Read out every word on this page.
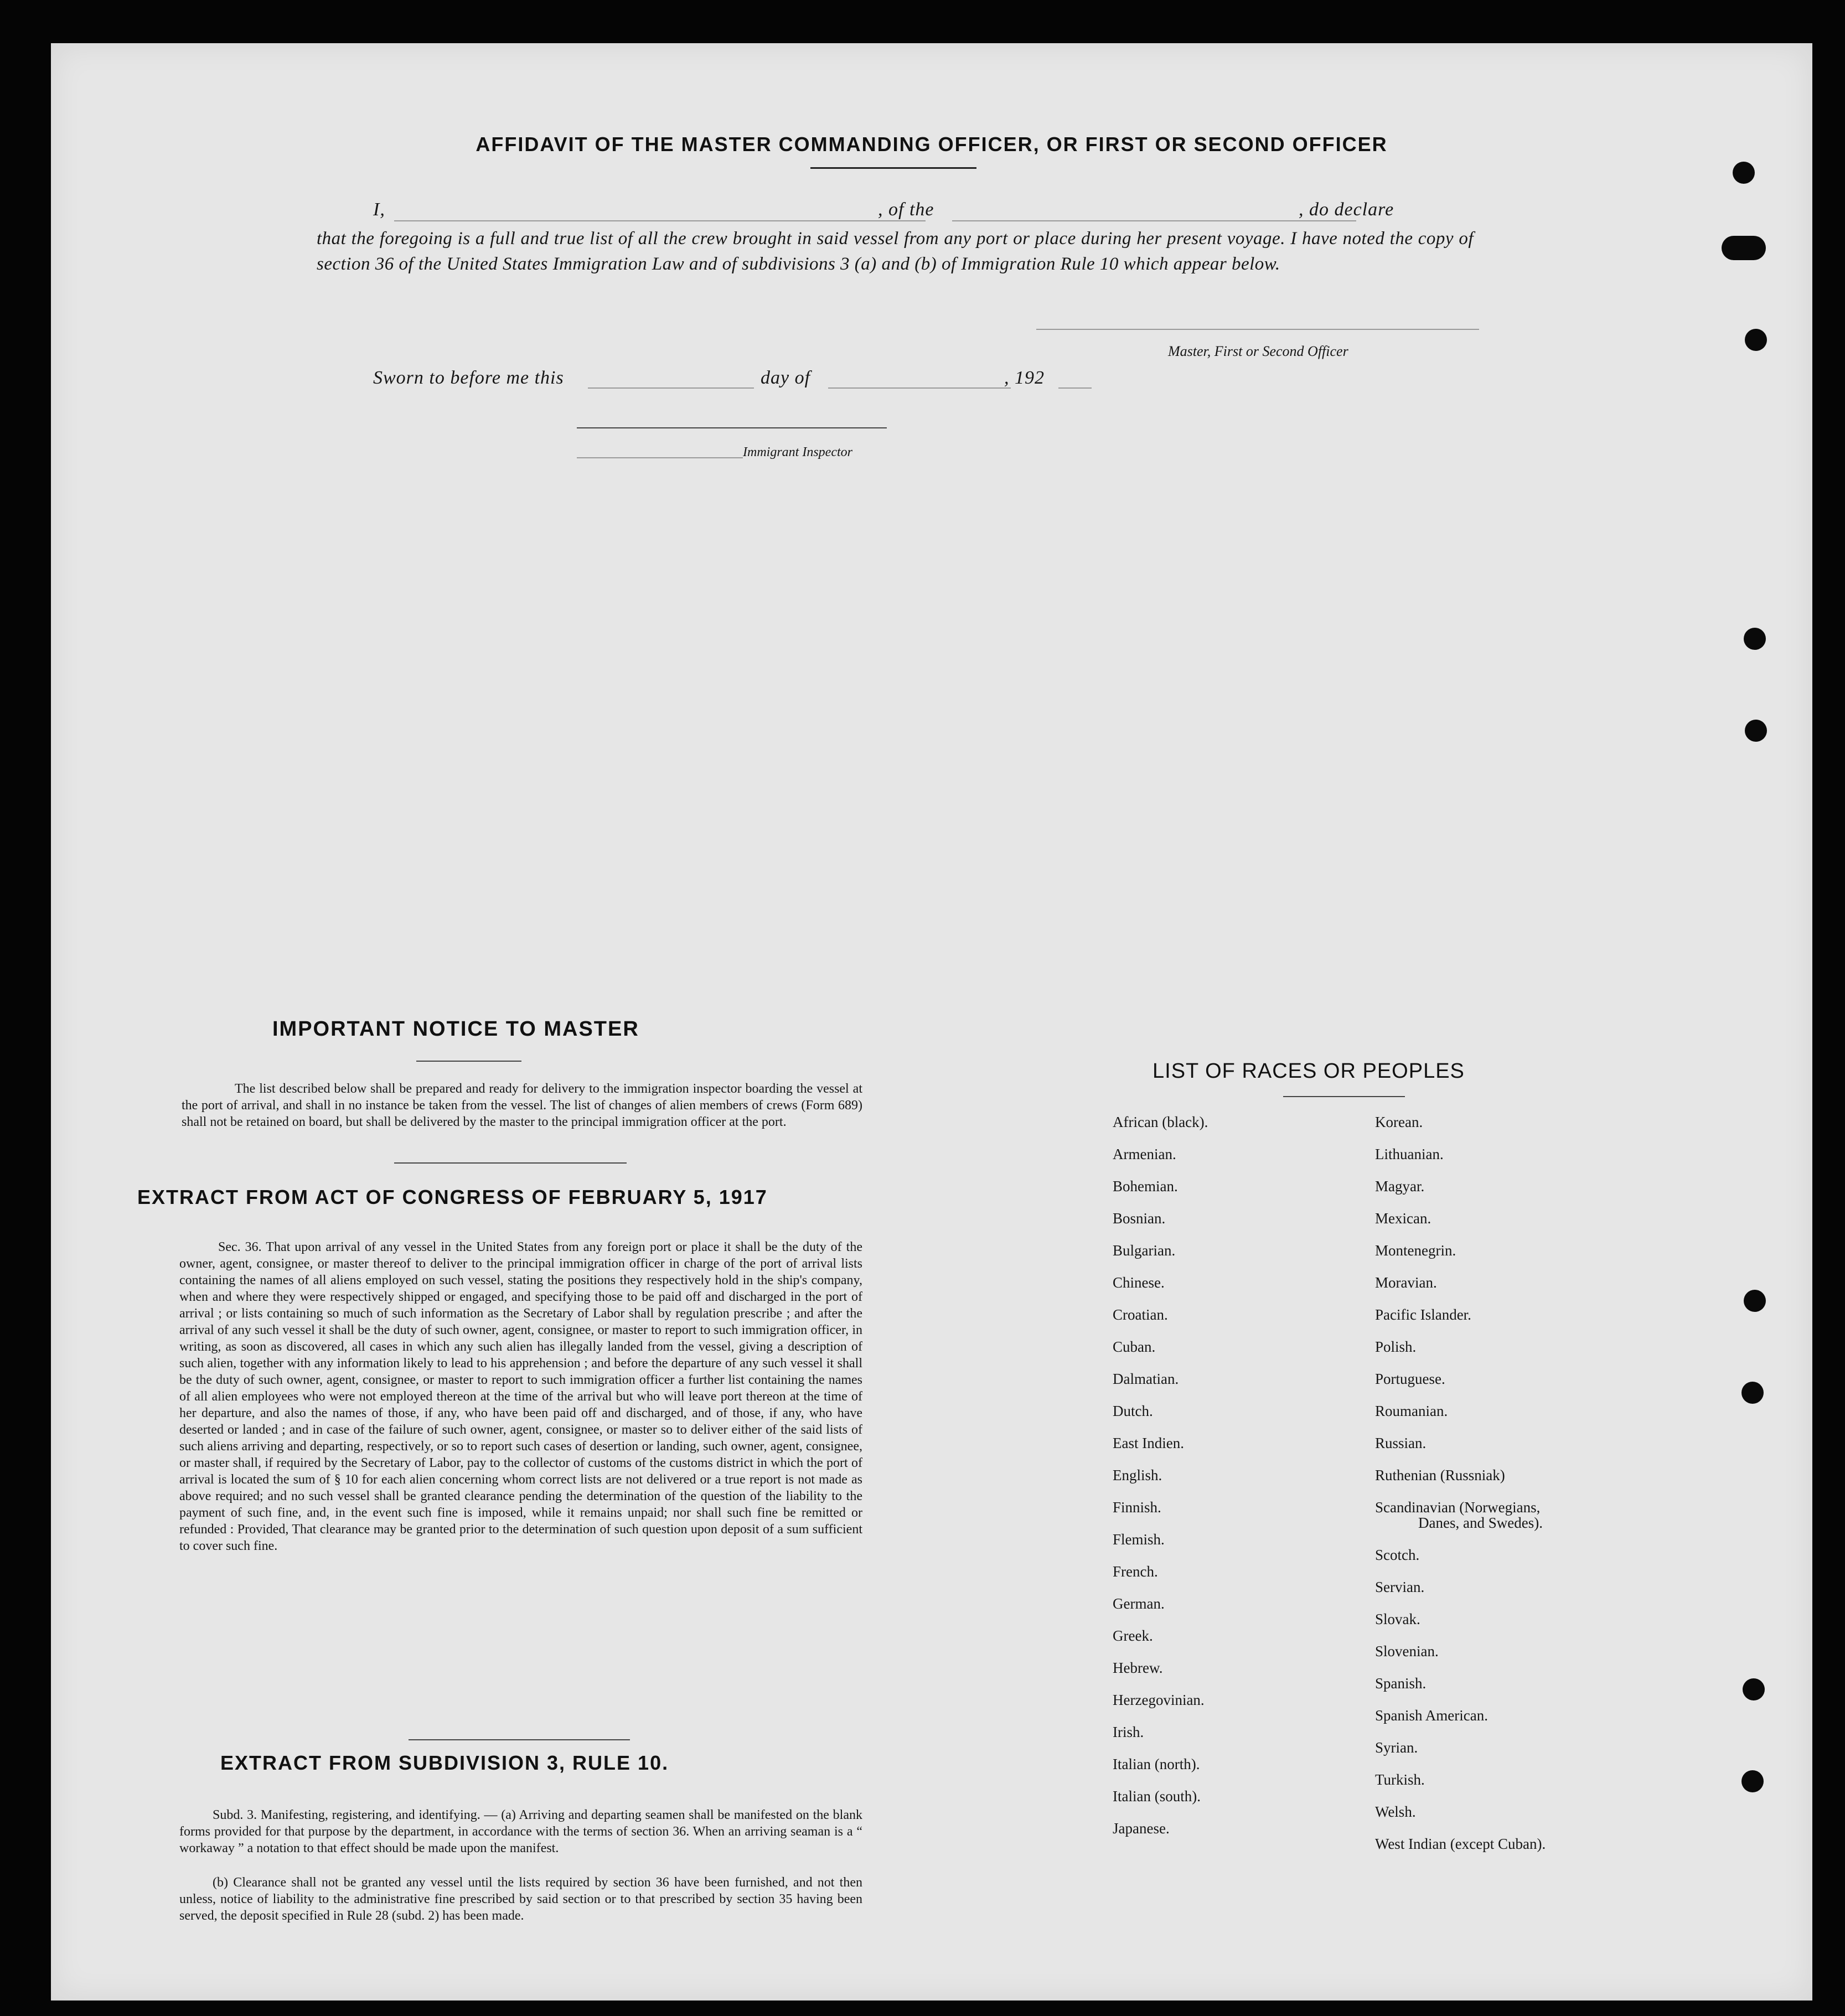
AFFIDAVIT OF THE MASTER COMMANDING OFFICER, OR FIRST OR SECOND OFFICER
I,	, of the	, do declare
that the foregoing is a full and true list of all the crew brought in said vessel from any port or place during her present voyage. I have noted the copy of section 36 of the United States Immigration Law and of subdivisions 3 (a) and (b) of Immigration Rule 10 which appear below.
Master, First or Second Officer
Sworn to before me this	day of	, 192
Immigrant Inspector
IMPORTANT NOTICE TO MASTER
The list described below shall be prepared and ready for delivery to the immigration inspector boarding the vessel at the port of arrival, and shall in no instance be taken from the vessel. The list of changes of alien members of crews (Form 689) shall not be retained on board, but shall be delivered by the master to the principal immigration officer at the port.
EXTRACT FROM ACT OF CONGRESS OF FEBRUARY 5, 1917
Sec. 36. That upon arrival of any vessel in the United States from any foreign port or place it shall be the duty of the owner, agent, consignee, or master thereof to deliver to the principal immigration officer in charge of the port of arrival lists containing the names of all aliens employed on such vessel, stating the positions they respectively hold in the ship's company, when and where they were respectively shipped or engaged, and specifying those to be paid off and discharged in the port of arrival ; or lists containing so much of such information as the Secretary of Labor shall by regulation prescribe ; and after the arrival of any such vessel it shall be the duty of such owner, agent, consignee, or master to report to such immigration officer, in writing, as soon as discovered, all cases in which any such alien has illegally landed from the vessel, giving a description of such alien, together with any information likely to lead to his apprehension ; and before the departure of any such vessel it shall be the duty of such owner, agent, consignee, or master to report to such immigration officer a further list containing the names of all alien employees who were not employed thereon at the time of the arrival but who will leave port thereon at the time of her departure, and also the names of those, if any, who have been paid off and discharged, and of those, if any, who have deserted or landed ; and in case of the failure of such owner, agent, consignee, or master so to deliver either of the said lists of such aliens arriving and departing, respectively, or so to report such cases of desertion or landing, such owner, agent, consignee, or master shall, if required by the Secretary of Labor, pay to the collector of customs of the customs district in which the port of arrival is located the sum of § 10 for each alien concerning whom correct lists are not delivered or a true report is not made as above required; and no such vessel shall be granted clearance pending the determination of the question of the liability to the payment of such fine, and, in the event such fine is imposed, while it remains unpaid; nor shall such fine be remitted or refunded : Provided, That clearance may be granted prior to the determination of such question upon deposit of a sum sufficient to cover such fine.
EXTRACT FROM SUBDIVISION 3, RULE 10.
Subd. 3. Manifesting, registering, and identifying. — (a) Arriving and departing seamen shall be manifested on the blank forms provided for that purpose by the department, in accordance with the terms of section 36. When an arriving seaman is a “ workaway ” a notation to that effect should be made upon the manifest.
(b) Clearance shall not be granted any vessel until the lists required by section 36 have been furnished, and not then unless, notice of liability to the administrative fine prescribed by said section or to that prescribed by section 35 having been served, the deposit specified in Rule 28 (subd. 2) has been made.
LIST OF RACES OR PEOPLES
African (black).
Armenian.
Bohemian.
Bosnian.
Bulgarian.
Chinese.
Croatian.
Cuban.
Dalmatian.
Dutch.
East Indien.
English.
Finnish.
Flemish.
French.
German.
Greek.
Hebrew.
Herzegovinian.
Irish.
Italian (north).
Italian (south).
Japanese.
Korean.
Lithuanian.
Magyar.
Mexican.
Montenegrin.
Moravian.
Pacific Islander.
Polish.
Portuguese.
Roumanian.
Russian.
Ruthenian (Russniak)
Scandinavian (Norwegians,
Danes, and Swedes).
Scotch.
Servian.
Slovak.
Slovenian.
Spanish.
Spanish American.
Syrian.
Turkish.
Welsh.
West Indian (except Cuban).
